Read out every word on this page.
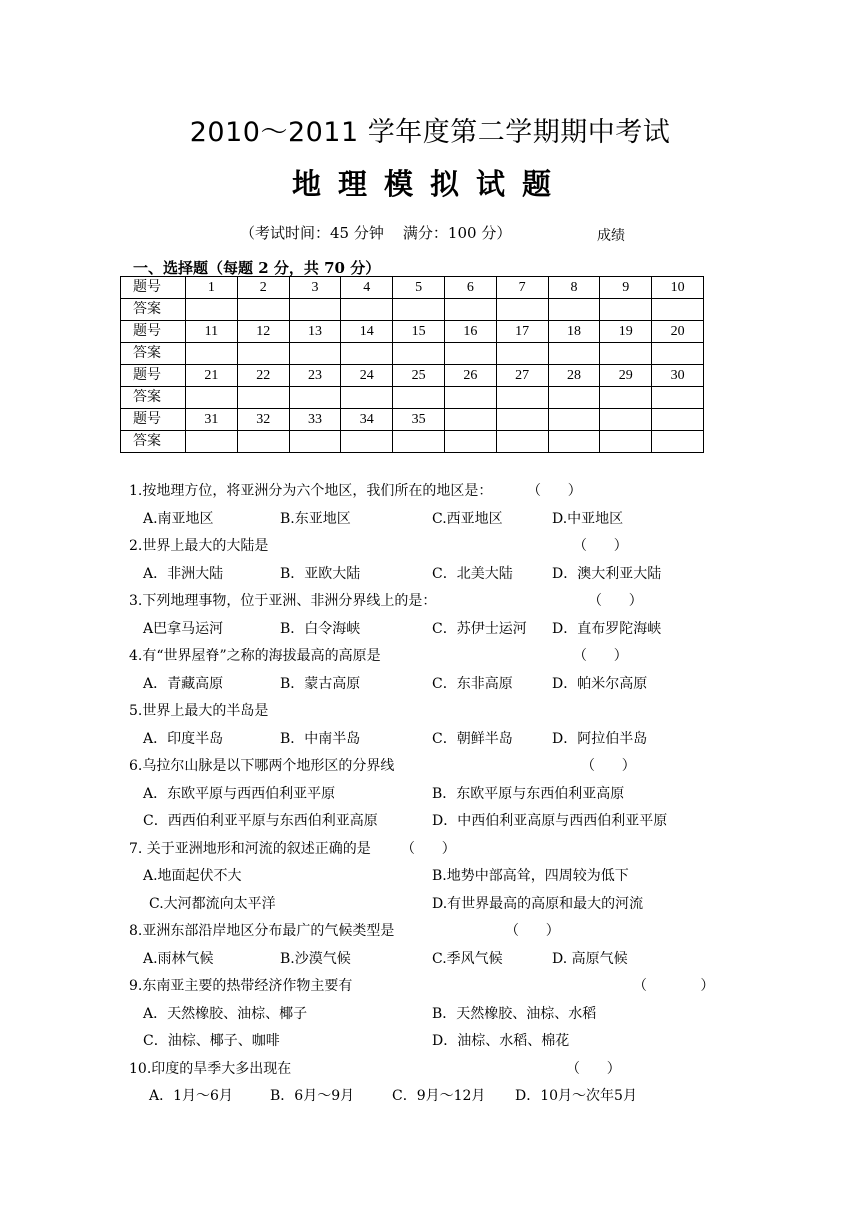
2010～2011 学年度第二学期期中考试
地理模拟试题
（考试时间：45 分钟    满分：100 分）	成绩
一、选择题（每题 2 分，共 70 分）
题号	1	2	3	4	5	6	7	8	9	10
答案										
题号	11	12	13	14	15	16	17	18	19	20
答案										
题号	21	22	23	24	25	26	27	28	29	30
答案										
题号	31	32	33	34	35					
答案										
1.按地理方位，将亚洲分为六个地区，我们所在的地区是： （      ）
A.南亚地区	B.东亚地区	C.西亚地区	D.中亚地区
2.世界上最大的大陆是	（      ）
A．非洲大陆	B．亚欧大陆	C．北美大陆	D．澳大利亚大陆
3.下列地理事物，位于亚洲、非洲分界线上的是：	（      ）
A巴拿马运河	B．白令海峡	C．苏伊士运河 D．直布罗陀海峡
4.有“世界屋脊”之称的海拔最高的高原是	（      ）
A．青藏高原	B．蒙古高原	C．东非高原	D．帕米尔高原
5.世界上最大的半岛是
A．印度半岛	B．中南半岛	C．朝鲜半岛	D．阿拉伯半岛
6.乌拉尔山脉是以下哪两个地形区的分界线	（      ）
A．东欧平原与西西伯利亚平原	B．东欧平原与东西伯利亚高原
C．西西伯利亚平原与东西伯利亚高原	D．中西伯利亚高原与西西伯利亚平原
7. 关于亚洲地形和河流的叙述正确的是 （      ）
A.地面起伏不大	B.地势中部高耸，四周较为低下
C.大河都流向太平洋	D.有世界最高的高原和最大的河流
8.亚洲东部沿岸地区分布最广的气候类型是	（      ）
A.雨林气候	B.沙漠气候	C.季风气候	D. 高原气候
9.东南亚主要的热带经济作物主要有	（            ）
A．天然橡胶、油棕、椰子	B．天然橡胶、油棕、水稻
C．油棕、椰子、咖啡	D．油棕、水稻、棉花
10.印度的旱季大多出现在	（      ）
A．1月～6月	B．6月～9月	C．9月～12月 D．10月～次年5月
